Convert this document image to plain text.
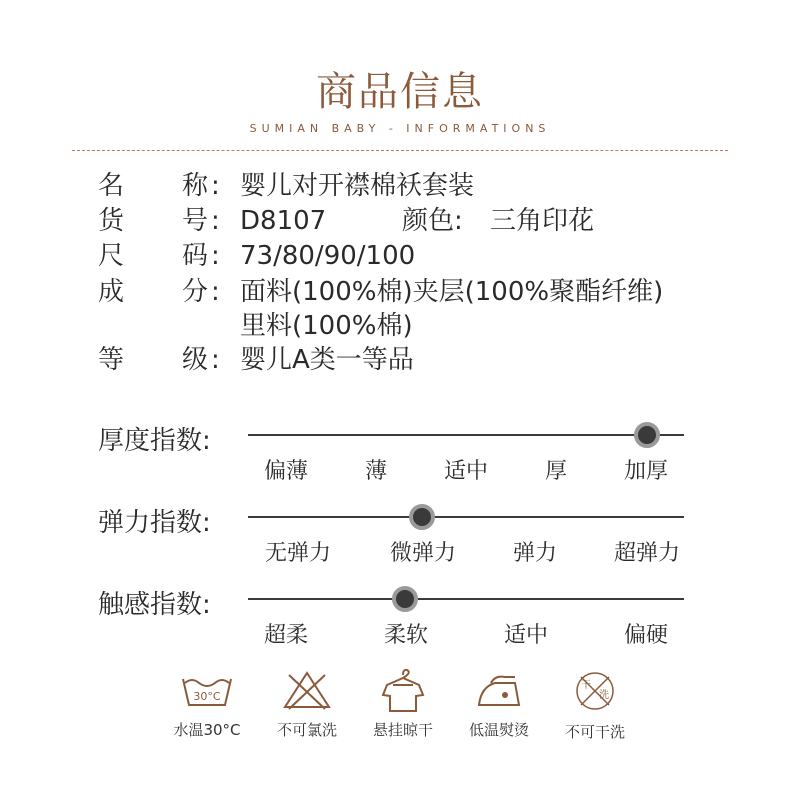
商品信息
SUMIAN BABY - INFORMATIONS
名 称 : 婴儿对开襟棉袄套装
货 号 : D8107	颜色: 三角印花
尺 码 : 73/80/90/100
成 分 : 面料(100%棉)夹层(100%聚酯纤维)
里料(100%棉)
等 级 : 婴儿A类一等品
厚度指数:
偏薄	薄	适中	厚	加厚
弹力指数:
无弹力	微弹力	弹力	超弹力
触感指数:
超柔	柔软	适中	偏硬
30°C
水温30°C	不可氯洗	悬挂晾干	低温熨烫
干
洗
不可干洗
